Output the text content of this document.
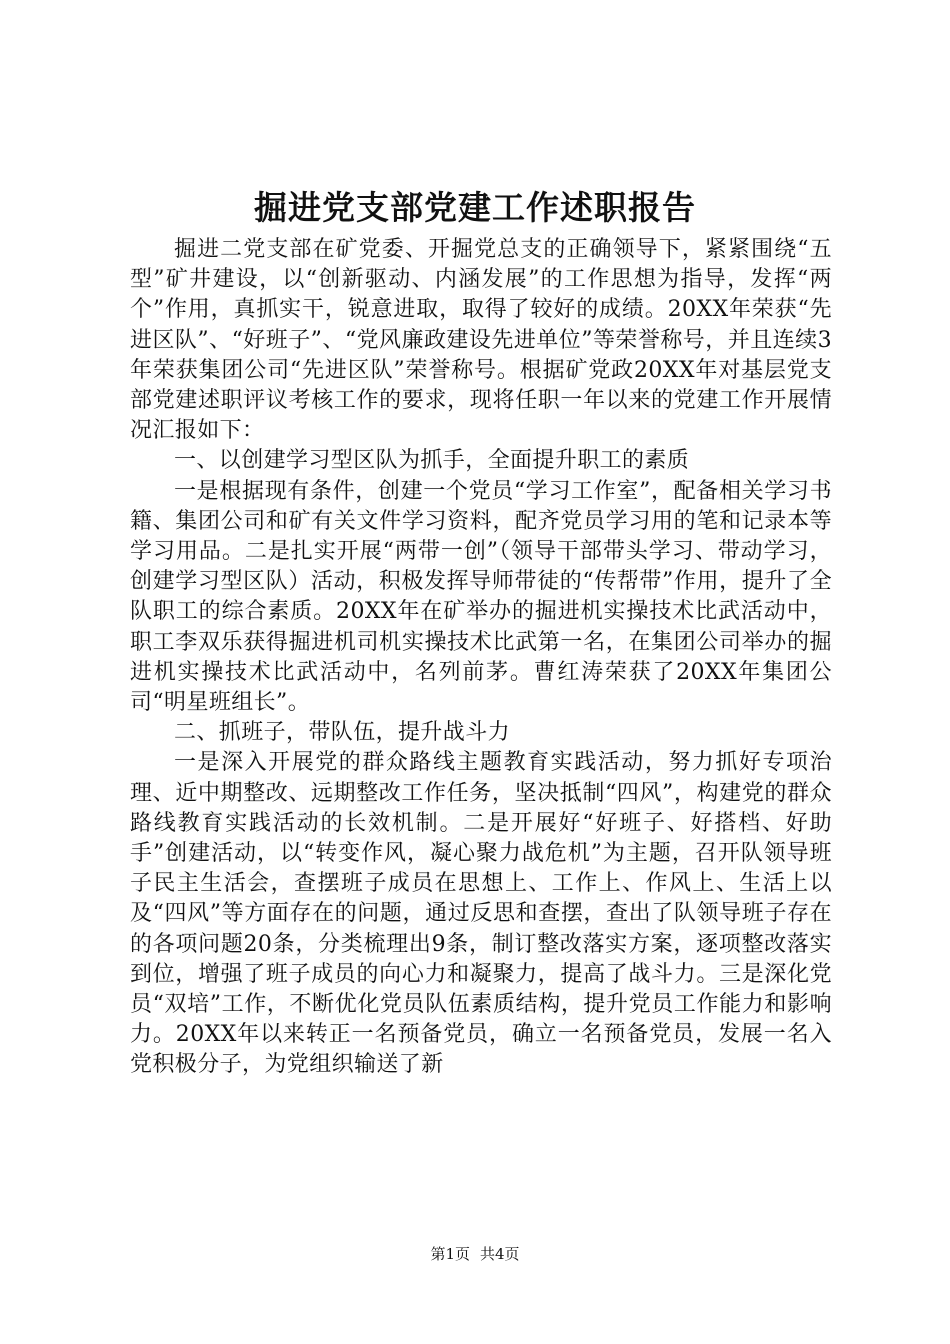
掘进党支部党建工作述职报告

掘进二党支部在矿党委、开掘党总支的正确领导下，紧紧围绕“五型”矿井建设，以“创新驱动、内涵发展”的工作思想为指导，发挥“两个”作用，真抓实干，锐意进取，取得了较好的成绩。20XX年荣获“先进区队”、“好班子”、“党风廉政建设先进单位”等荣誉称号，并且连续3年荣获集团公司“先进区队”荣誉称号。根据矿党政20XX年对基层党支部党建述职评议考核工作的要求，现将任职一年以来的党建工作开展情况汇报如下：

一、以创建学习型区队为抓手，全面提升职工的素质

一是根据现有条件，创建一个党员“学习工作室”，配备相关学习书籍、集团公司和矿有关文件学习资料，配齐党员学习用的笔和记录本等学习用品。二是扎实开展“两带一创”（领导干部带头学习、带动学习，创建学习型区队）活动，积极发挥导师带徒的“传帮带”作用，提升了全队职工的综合素质。20XX年在矿举办的掘进机实操技术比武活动中，职工李双乐获得掘进机司机实操技术比武第一名，在集团公司举办的掘进机实操技术比武活动中，名列前茅。曹红涛荣获了20XX年集团公司“明星班组长”。

二、抓班子，带队伍，提升战斗力

一是深入开展党的群众路线主题教育实践活动，努力抓好专项治理、近中期整改、远期整改工作任务，坚决抵制“四风”，构建党的群众路线教育实践活动的长效机制。二是开展好“好班子、好搭档、好助手”创建活动，以“转变作风，凝心聚力战危机”为主题，召开队领导班子民主生活会，查摆班子成员在思想上、工作上、作风上、生活上以及“四风”等方面存在的问题，通过反思和查摆，查出了队领导班子存在的各项问题20条，分类梳理出9条，制订整改落实方案，逐项整改落实到位，增强了班子成员的向心力和凝聚力，提高了战斗力。三是深化党员“双培”工作，不断优化党员队伍素质结构，提升党员工作能力和影响力。20XX年以来转正一名预备党员，确立一名预备党员，发展一名入党积极分子，为党组织输送了新

第1页 共4页
